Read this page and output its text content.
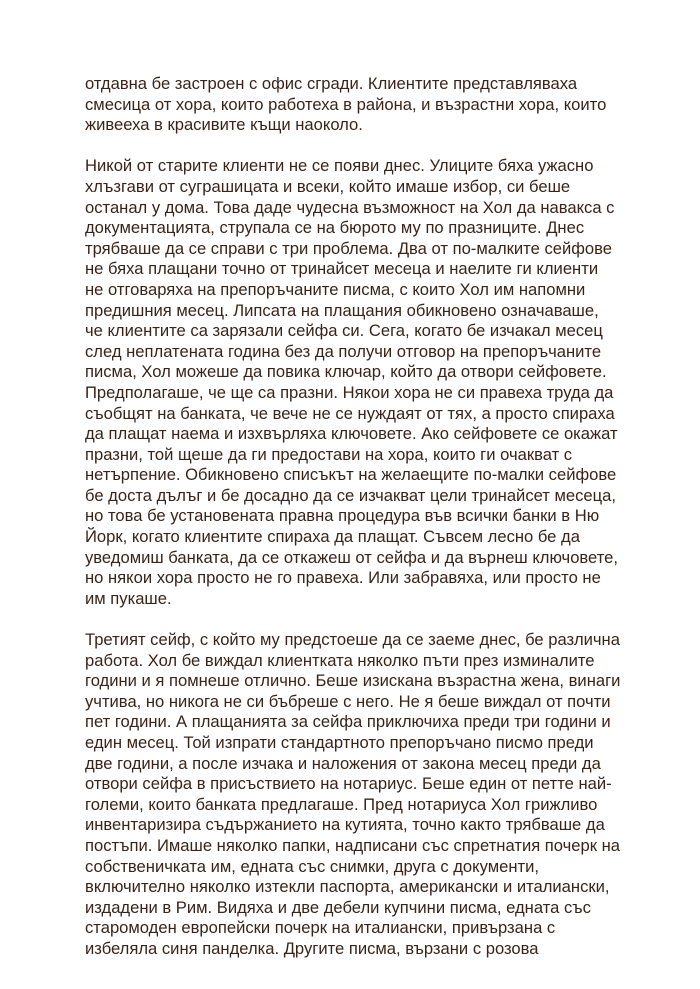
отдавна бе застроен с офис сгради. Клиентите представляваха
смесица от хора, които работеха в района, и възрастни хора, които
живееха в красивите къщи наоколо.
Никой от старите клиенти не се появи днес. Улиците бяха ужасно
хлъзгави от суграшицата и всеки, който имаше избор, си беше
останал у дома. Това даде чудесна възможност на Хол да навакса с
документацията, струпала се на бюрото му по празниците. Днес
трябваше да се справи с три проблема. Два от по-малките сейфове
не бяха плащани точно от тринайсет месеца и наелите ги клиенти
не отговаряха на препоръчаните писма, с които Хол им напомни
предишния месец. Липсата на плащания обикновено означаваше,
че клиентите са зарязали сейфа си. Сега, когато бе изчакал месец
след неплатената година без да получи отговор на препоръчаните
писма, Хол можеше да повика ключар, който да отвори сейфовете.
Предполагаше, че ще са празни. Някои хора не си правеха труда да
съобщят на банката, че вече не се нуждаят от тях, а просто спираха
да плащат наема и изхвърляха ключовете. Ако сейфовете се окажат
празни, той щеше да ги предостави на хора, които ги очакват с
нетърпение. Обикновено списъкът на желаещите по-малки сейфове
бе доста дълъг и бе досадно да се изчакват цели тринайсет месеца,
но това бе установената правна процедура във всички банки в Ню
Йорк, когато клиентите спираха да плащат. Съвсем лесно бе да
уведомиш банката, да се откажеш от сейфа и да върнеш ключовете,
но някои хора просто не го правеха. Или забравяха, или просто не
им пукаше.
Третият сейф, с който му предстоеше да се заеме днес, бе различна
работа. Хол бе виждал клиентката няколко пъти през изминалите
години и я помнеше отлично. Беше изискана възрастна жена, винаги
учтива, но никога не си бъбреше с него. Не я беше виждал от почти
пет години. А плащанията за сейфа приключиха преди три години и
един месец. Той изпрати стандартното препоръчано писмо преди
две години, а после изчака и наложения от закона месец преди да
отвори сейфа в присъствието на нотариус. Беше един от петте най-
големи, които банката предлагаше. Пред нотариуса Хол грижливо
инвентаризира съдържанието на кутията, точно както трябваше да
постъпи. Имаше няколко папки, надписани със спретнатия почерк на
собственичката им, едната със снимки, друга с документи,
включително няколко изтекли паспорта, американски и италиански,
издадени в Рим. Видяха и две дебели купчини писма, едната със
старомоден европейски почерк на италиански, привързана с
избеляла синя панделка. Другите писма, вързани с розова
